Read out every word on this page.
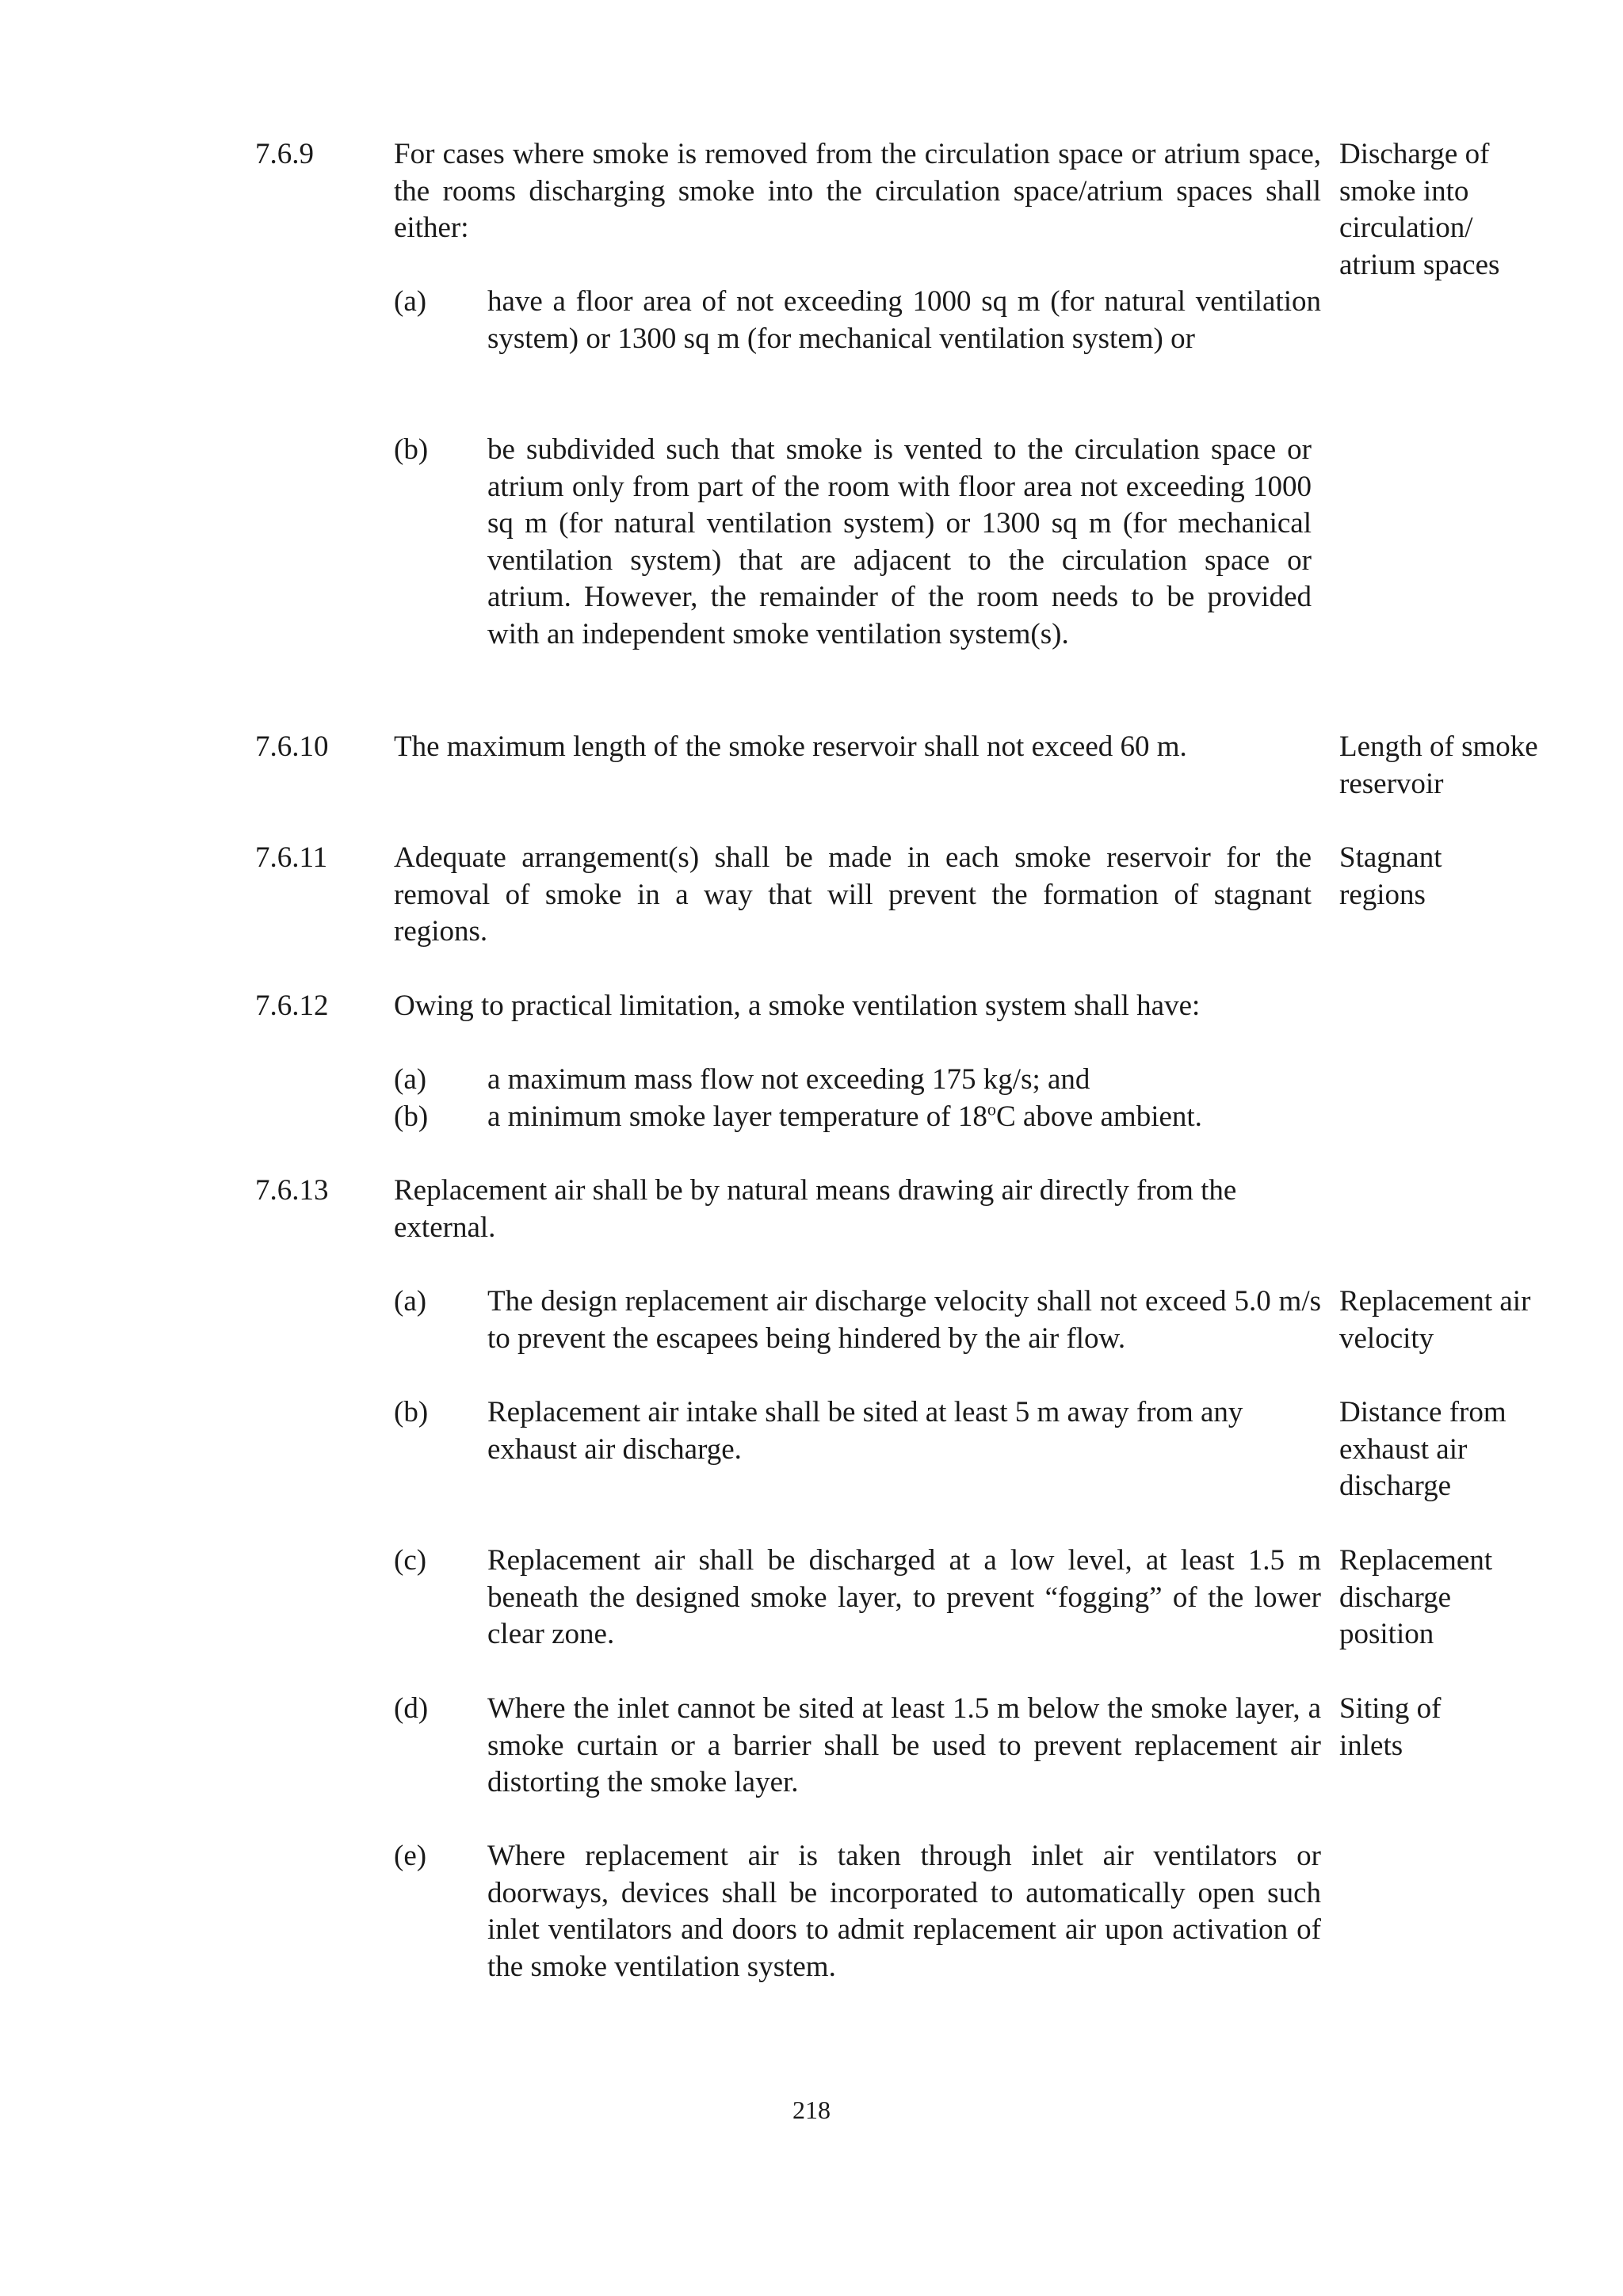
7.6.9	For cases where smoke is removed from the circulation space or atrium space, the rooms discharging smoke into the circulation space/atrium spaces shall either:
Discharge of smoke into circulation/ atrium spaces
(a) have a floor area of not exceeding 1000 sq m (for natural ventilation system) or 1300 sq m (for mechanical ventilation system) or
(b) be subdivided such that smoke is vented to the circulation space or atrium only from part of the room with floor area not exceeding 1000 sq m (for natural ventilation system) or 1300 sq m (for mechanical ventilation system) that are adjacent to the circulation space or atrium. However, the remainder of the room needs to be provided with an independent smoke ventilation system(s).
7.6.10 The maximum length of the smoke reservoir shall not exceed 60 m.	Length of smoke reservoir
7.6.11 Adequate arrangement(s) shall be made in each smoke reservoir for the removal of smoke in a way that will prevent the formation of stagnant regions.
Stagnant regions
7.6.12 Owing to practical limitation, a smoke ventilation system shall have:
(a) a maximum mass flow not exceeding 175 kg/s; and
(b) a minimum smoke layer temperature of 18$^o$C above ambient.
7.6.13 Replacement air shall be by natural means drawing air directly from the external.
(a) The design replacement air discharge velocity shall not exceed 5.0 m/s to prevent the escapees being hindered by the air flow.
Replacement air velocity
(b) Replacement air intake shall be sited at least 5 m away from any exhaust air discharge.
Distance from exhaust air discharge
(c) Replacement air shall be discharged at a low level, at least 1.5 m beneath the designed smoke layer, to prevent “fogging” of the lower clear zone.
Replacement discharge position
(d) Where the inlet cannot be sited at least 1.5 m below the smoke layer, a smoke curtain or a barrier shall be used to prevent replacement air distorting the smoke layer.
Siting of inlets
(e) Where replacement air is taken through inlet air ventilators or doorways, devices shall be incorporated to automatically open such inlet ventilators and doors to admit replacement air upon activation of the smoke ventilation system.
218
